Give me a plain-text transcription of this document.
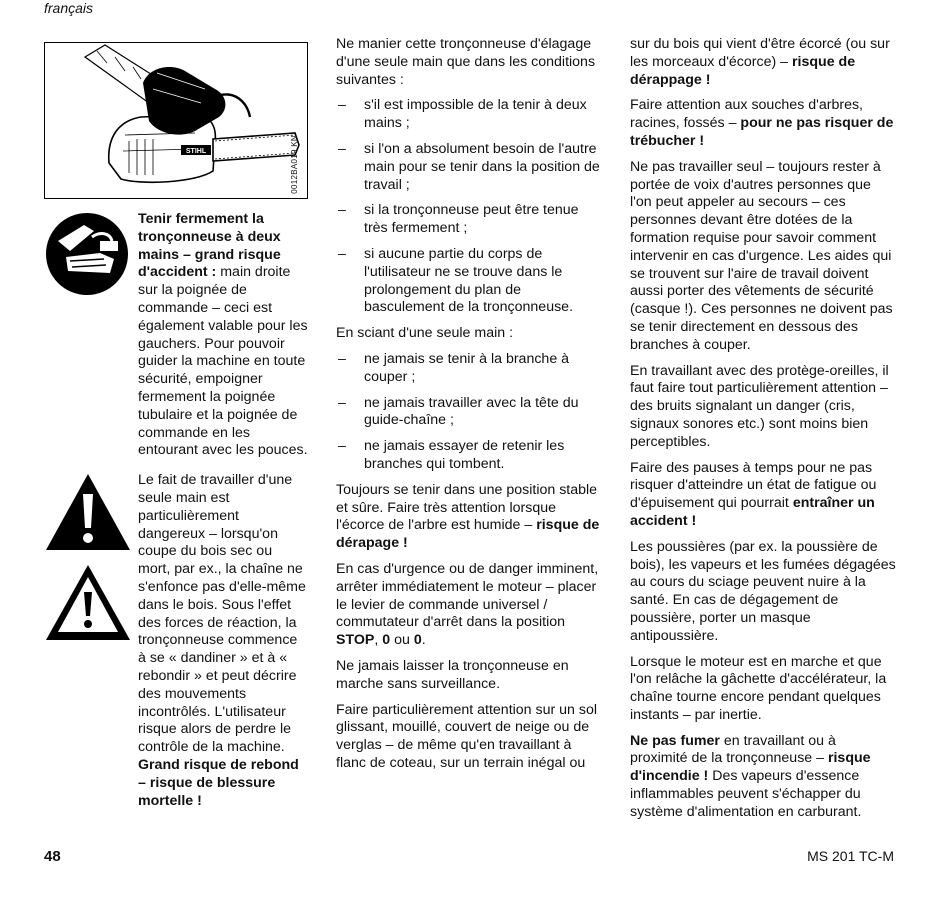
français
STIHL	0012BA019 KN
Tenir fermement la tronçonneuse à deux mains – grand risque d'accident : main droite sur la poignée de commande – ceci est également valable pour les gauchers. Pour pouvoir guider la machine en toute sécurité, empoigner fermement la poignée tubulaire et la poignée de commande en les entourant avec les pouces.

Le fait de travailler d'une seule main est particulièrement dangereux – lorsqu'on coupe du bois sec ou mort, par ex., la chaîne ne s'enfonce pas d'elle-même dans le bois. Sous l'effet des forces de réaction, la tronçonneuse commence à se « dandiner » et à « rebondir » et peut décrire des mouvements incontrôlés. L'utilisateur risque alors de perdre le contrôle de la machine. Grand risque de rebond – risque de blessure mortelle !

Ne manier cette tronçonneuse d'élagage d'une seule main que dans les conditions suivantes :

– s'il est impossible de la tenir à deux mains ;
– si l'on a absolument besoin de l'autre main pour se tenir dans la position de travail ;
– si la tronçonneuse peut être tenue très fermement ;
– si aucune partie du corps de l'utilisateur ne se trouve dans le prolongement du plan de basculement de la tronçonneuse.

En sciant d'une seule main :

– ne jamais se tenir à la branche à couper ;
– ne jamais travailler avec la tête du guide-chaîne ;
– ne jamais essayer de retenir les branches qui tombent.

Toujours se tenir dans une position stable et sûre. Faire très attention lorsque l'écorce de l'arbre est humide – risque de dérapage !

En cas d'urgence ou de danger imminent, arrêter immédiatement le moteur – placer le levier de commande universel / commutateur d'arrêt dans la position STOP, 0 ou 0.

Ne jamais laisser la tronçonneuse en marche sans surveillance.

Faire particulièrement attention sur un sol glissant, mouillé, couvert de neige ou de verglas – de même qu'en travaillant à flanc de coteau, sur un terrain inégal ou

sur du bois qui vient d'être écorcé (ou sur les morceaux d'écorce) – risque de dérappage !

Faire attention aux souches d'arbres, racines, fossés – pour ne pas risquer de trébucher !

Ne pas travailler seul – toujours rester à portée de voix d'autres personnes que l'on peut appeler au secours – ces personnes devant être dotées de la formation requise pour savoir comment intervenir en cas d'urgence. Les aides qui se trouvent sur l'aire de travail doivent aussi porter des vêtements de sécurité (casque !). Ces personnes ne doivent pas se tenir directement en dessous des branches à couper.

En travaillant avec des protège-oreilles, il faut faire tout particulièrement attention – des bruits signalant un danger (cris, signaux sonores etc.) sont moins bien perceptibles.

Faire des pauses à temps pour ne pas risquer d'atteindre un état de fatigue ou d'épuisement qui pourrait entraîner un accident !

Les poussières (par ex. la poussière de bois), les vapeurs et les fumées dégagées au cours du sciage peuvent nuire à la santé. En cas de dégagement de poussière, porter un masque antipoussière.

Lorsque le moteur est en marche et que l'on relâche la gâchette d'accélérateur, la chaîne tourne encore pendant quelques instants – par inertie.

Ne pas fumer en travaillant ou à proximité de la tronçonneuse – risque d'incendie ! Des vapeurs d'essence inflammables peuvent s'échapper du système d'alimentation en carburant.

48	MS 201 TC-M
